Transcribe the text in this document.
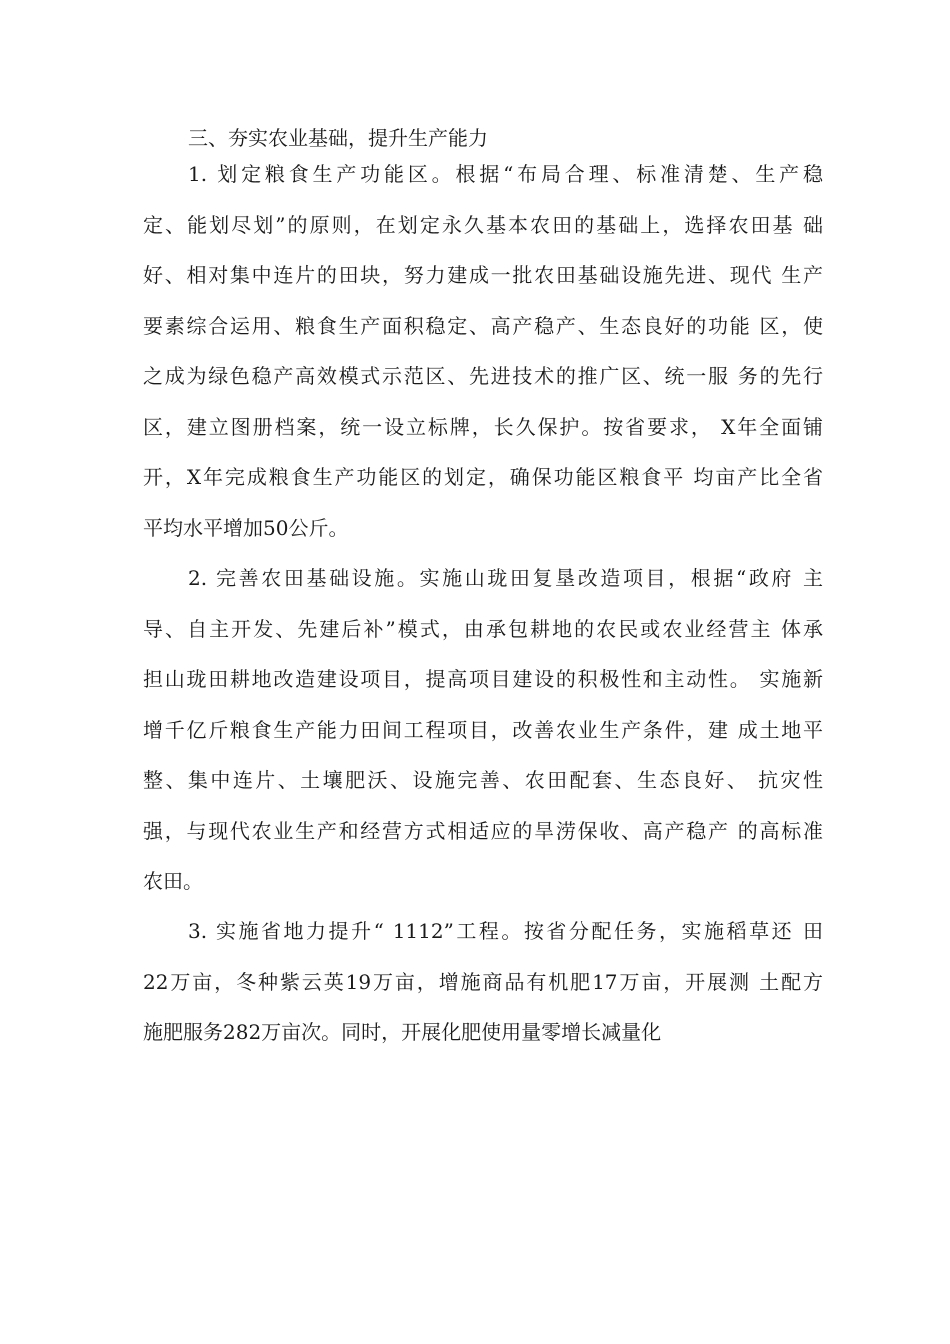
三、夯实农业基础，提升生产能力
1. 划定粮食生产功能区。根据“布局合理、标准清楚、生产稳
定、能划尽划”的原则，在划定永久基本农田的基础上，选择农田基 础
好、相对集中连片的田块，努力建成一批农田基础设施先进、现代 生产
要素综合运用、粮食生产面积稳定、高产稳产、生态良好的功能 区，使
之成为绿色稳产高效模式示范区、先进技术的推广区、统一服 务的先行
区，建立图册档案，统一设立标牌，长久保护。按省要求， X年全面铺
开，X年完成粮食生产功能区的划定，确保功能区粮食平 均亩产比全省
平均水平增加50公斤。
2. 完善农田基础设施。实施山珑田复垦改造项目，根据“政府 主
导、自主开发、先建后补”模式，由承包耕地的农民或农业经营主 体承
担山珑田耕地改造建设项目，提高项目建设的积极性和主动性。 实施新
增千亿斤粮食生产能力田间工程项目，改善农业生产条件，建 成土地平
整、集中连片、土壤肥沃、设施完善、农田配套、生态良好、 抗灾性
强，与现代农业生产和经营方式相适应的旱涝保收、高产稳产 的高标准
农田。
3. 实施省地力提升“ 1112”工程。按省分配任务，实施稻草还 田
22万亩，冬种紫云英19万亩，增施商品有机肥17万亩，开展测 土配方
施肥服务282万亩次。同时，开展化肥使用量零增长减量化
